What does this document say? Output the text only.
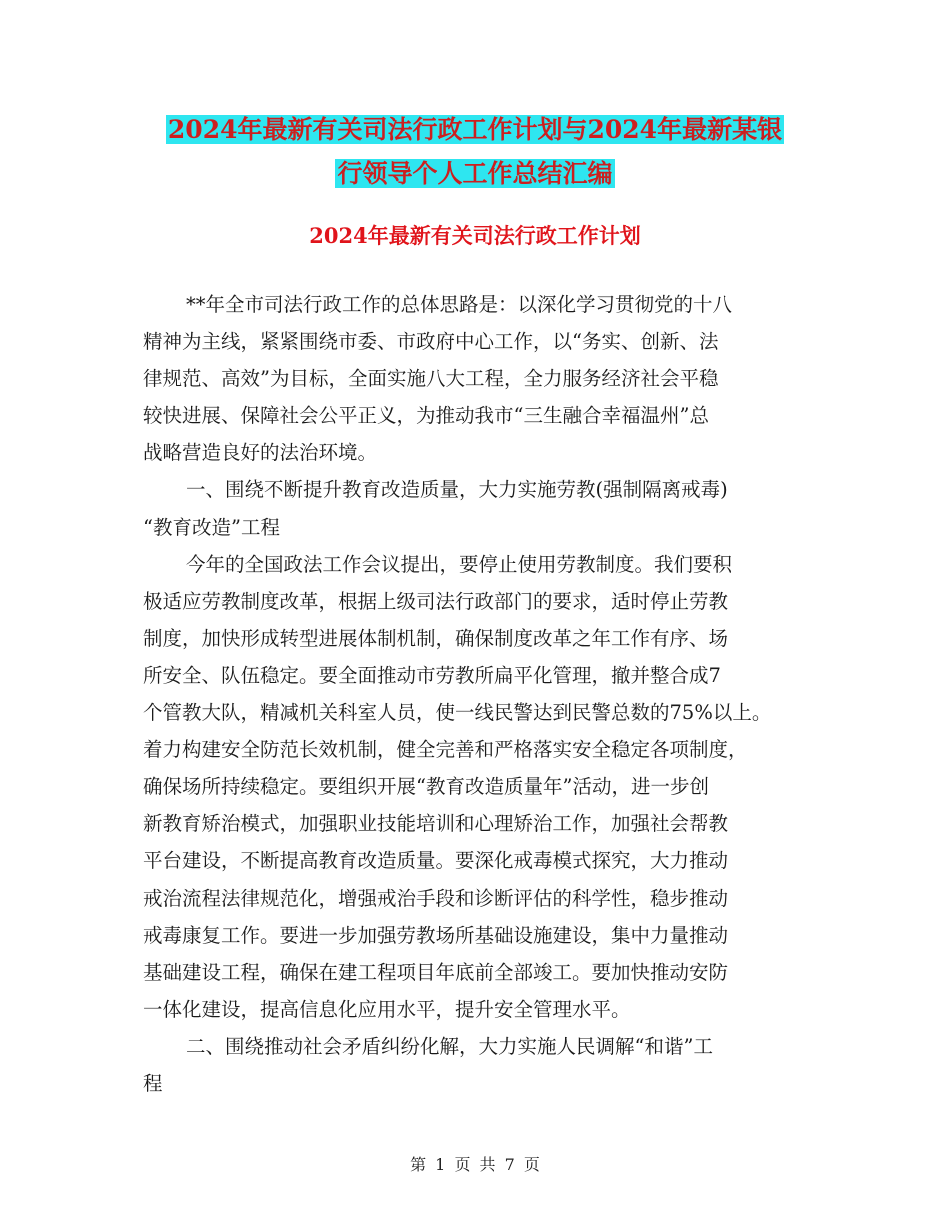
2024年最新有关司法行政工作计划与2024年最新某银
行领导个人工作总结汇编
2024年最新有关司法行政工作计划
**年全市司法行政工作的总体思路是：以深化学习贯彻党的十八
精神为主线，紧紧围绕市委、市政府中心工作，以“务实、创新、法
律规范、高效”为目标，全面实施八大工程，全力服务经济社会平稳
较快进展、保障社会公平正义，为推动我市“三生融合幸福温州”总
战略营造良好的法治环境。
一、围绕不断提升教育改造质量，大力实施劳教(强制隔离戒毒)
“教育改造”工程
今年的全国政法工作会议提出，要停止使用劳教制度。我们要积
极适应劳教制度改革，根据上级司法行政部门的要求，适时停止劳教
制度，加快形成转型进展体制机制，确保制度改革之年工作有序、场
所安全、队伍稳定。要全面推动市劳教所扁平化管理，撤并整合成7
个管教大队，精减机关科室人员，使一线民警达到民警总数的75%以上。
着力构建安全防范长效机制，健全完善和严格落实安全稳定各项制度，
确保场所持续稳定。要组织开展“教育改造质量年”活动，进一步创
新教育矫治模式，加强职业技能培训和心理矫治工作，加强社会帮教
平台建设，不断提高教育改造质量。要深化戒毒模式探究，大力推动
戒治流程法律规范化，增强戒治手段和诊断评估的科学性，稳步推动
戒毒康复工作。要进一步加强劳教场所基础设施建设，集中力量推动
基础建设工程，确保在建工程项目年底前全部竣工。要加快推动安防
一体化建设，提高信息化应用水平，提升安全管理水平。
二、围绕推动社会矛盾纠纷化解，大力实施人民调解“和谐”工
程
第 1 页 共 7 页
